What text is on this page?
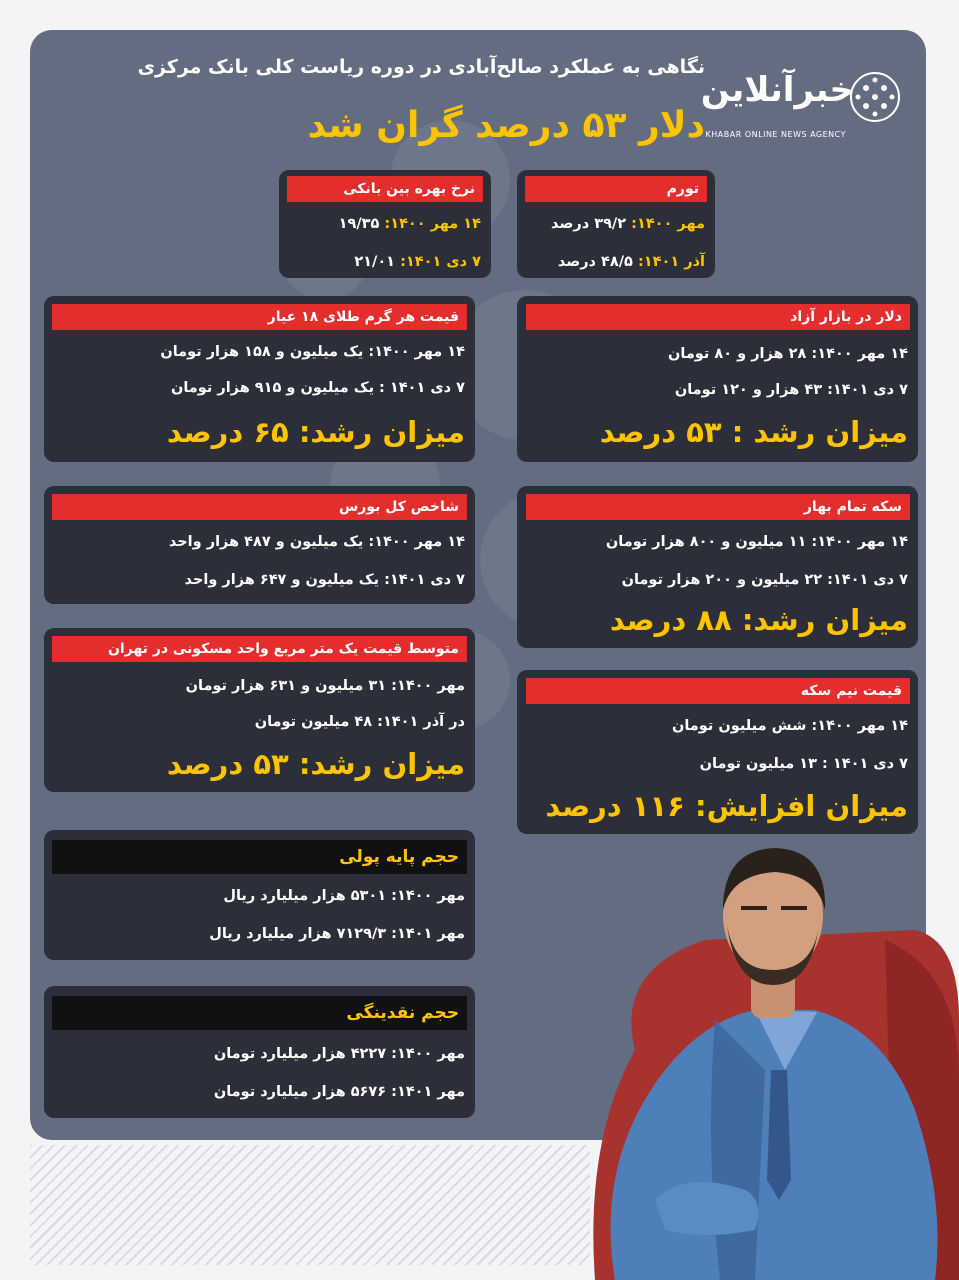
نگاهی به عملکرد صالح‌آبادی در دوره ریاست کلی بانک مرکزی
دلار ۵۳ درصد گران شد
خبرآنلاین
KHABAR ONLINE NEWS AGENCY
تورم
مهر ۱۴۰۰: ۳۹/۲ درصد
آذر ۱۴۰۱: ۴۸/۵ درصد
نرخ بهره بین بانکی
۱۴ مهر ۱۴۰۰: ۱۹/۳۵
۷ دی ۱۴۰۱: ۲۱/۰۱
دلار در بازار آزاد
۱۴ مهر ۱۴۰۰: ۲۸ هزار و ۸۰ تومان
۷ دی ۱۴۰۱: ۴۳ هزار و ۱۲۰ تومان
میزان رشد : ۵۳ درصد
قیمت هر گرم طلای ۱۸ عیار
۱۴ مهر ۱۴۰۰: یک میلیون و ۱۵۸ هزار تومان
۷ دی ۱۴۰۱ : یک میلیون و ۹۱۵ هزار تومان
میزان رشد: ۶۵ درصد
سکه تمام بهار
۱۴ مهر ۱۴۰۰: ۱۱ میلیون و ۸۰۰ هزار تومان
۷ دی ۱۴۰۱: ۲۲ میلیون و ۲۰۰ هزار تومان
میزان رشد: ۸۸ درصد
شاخص کل بورس
۱۴ مهر ۱۴۰۰: یک میلیون و ۴۸۷ هزار واحد
۷ دی ۱۴۰۱: یک میلیون و ۶۴۷ هزار واحد
متوسط قیمت یک متر مربع واحد مسکونی در تهران
مهر ۱۴۰۰: ۳۱ میلیون و ۶۳۱ هزار تومان
در آذر ۱۴۰۱: ۴۸ میلیون تومان
میزان رشد: ۵۳ درصد
قیمت نیم سکه
۱۴ مهر ۱۴۰۰: شش میلیون تومان
۷ دی ۱۴۰۱ : ۱۳ میلیون تومان
میزان افزایش: ۱۱۶ درصد
حجم پایه پولی
مهر ۱۴۰۰: ۵۳۰۱ هزار میلیارد ریال
مهر ۱۴۰۱: ۷۱۲۹/۳ هزار میلیارد ریال
حجم نقدینگی
مهر ۱۴۰۰: ۴۲۲۷ هزار میلیارد تومان
مهر ۱۴۰۱: ۵۶۷۶ هزار میلیارد تومان
